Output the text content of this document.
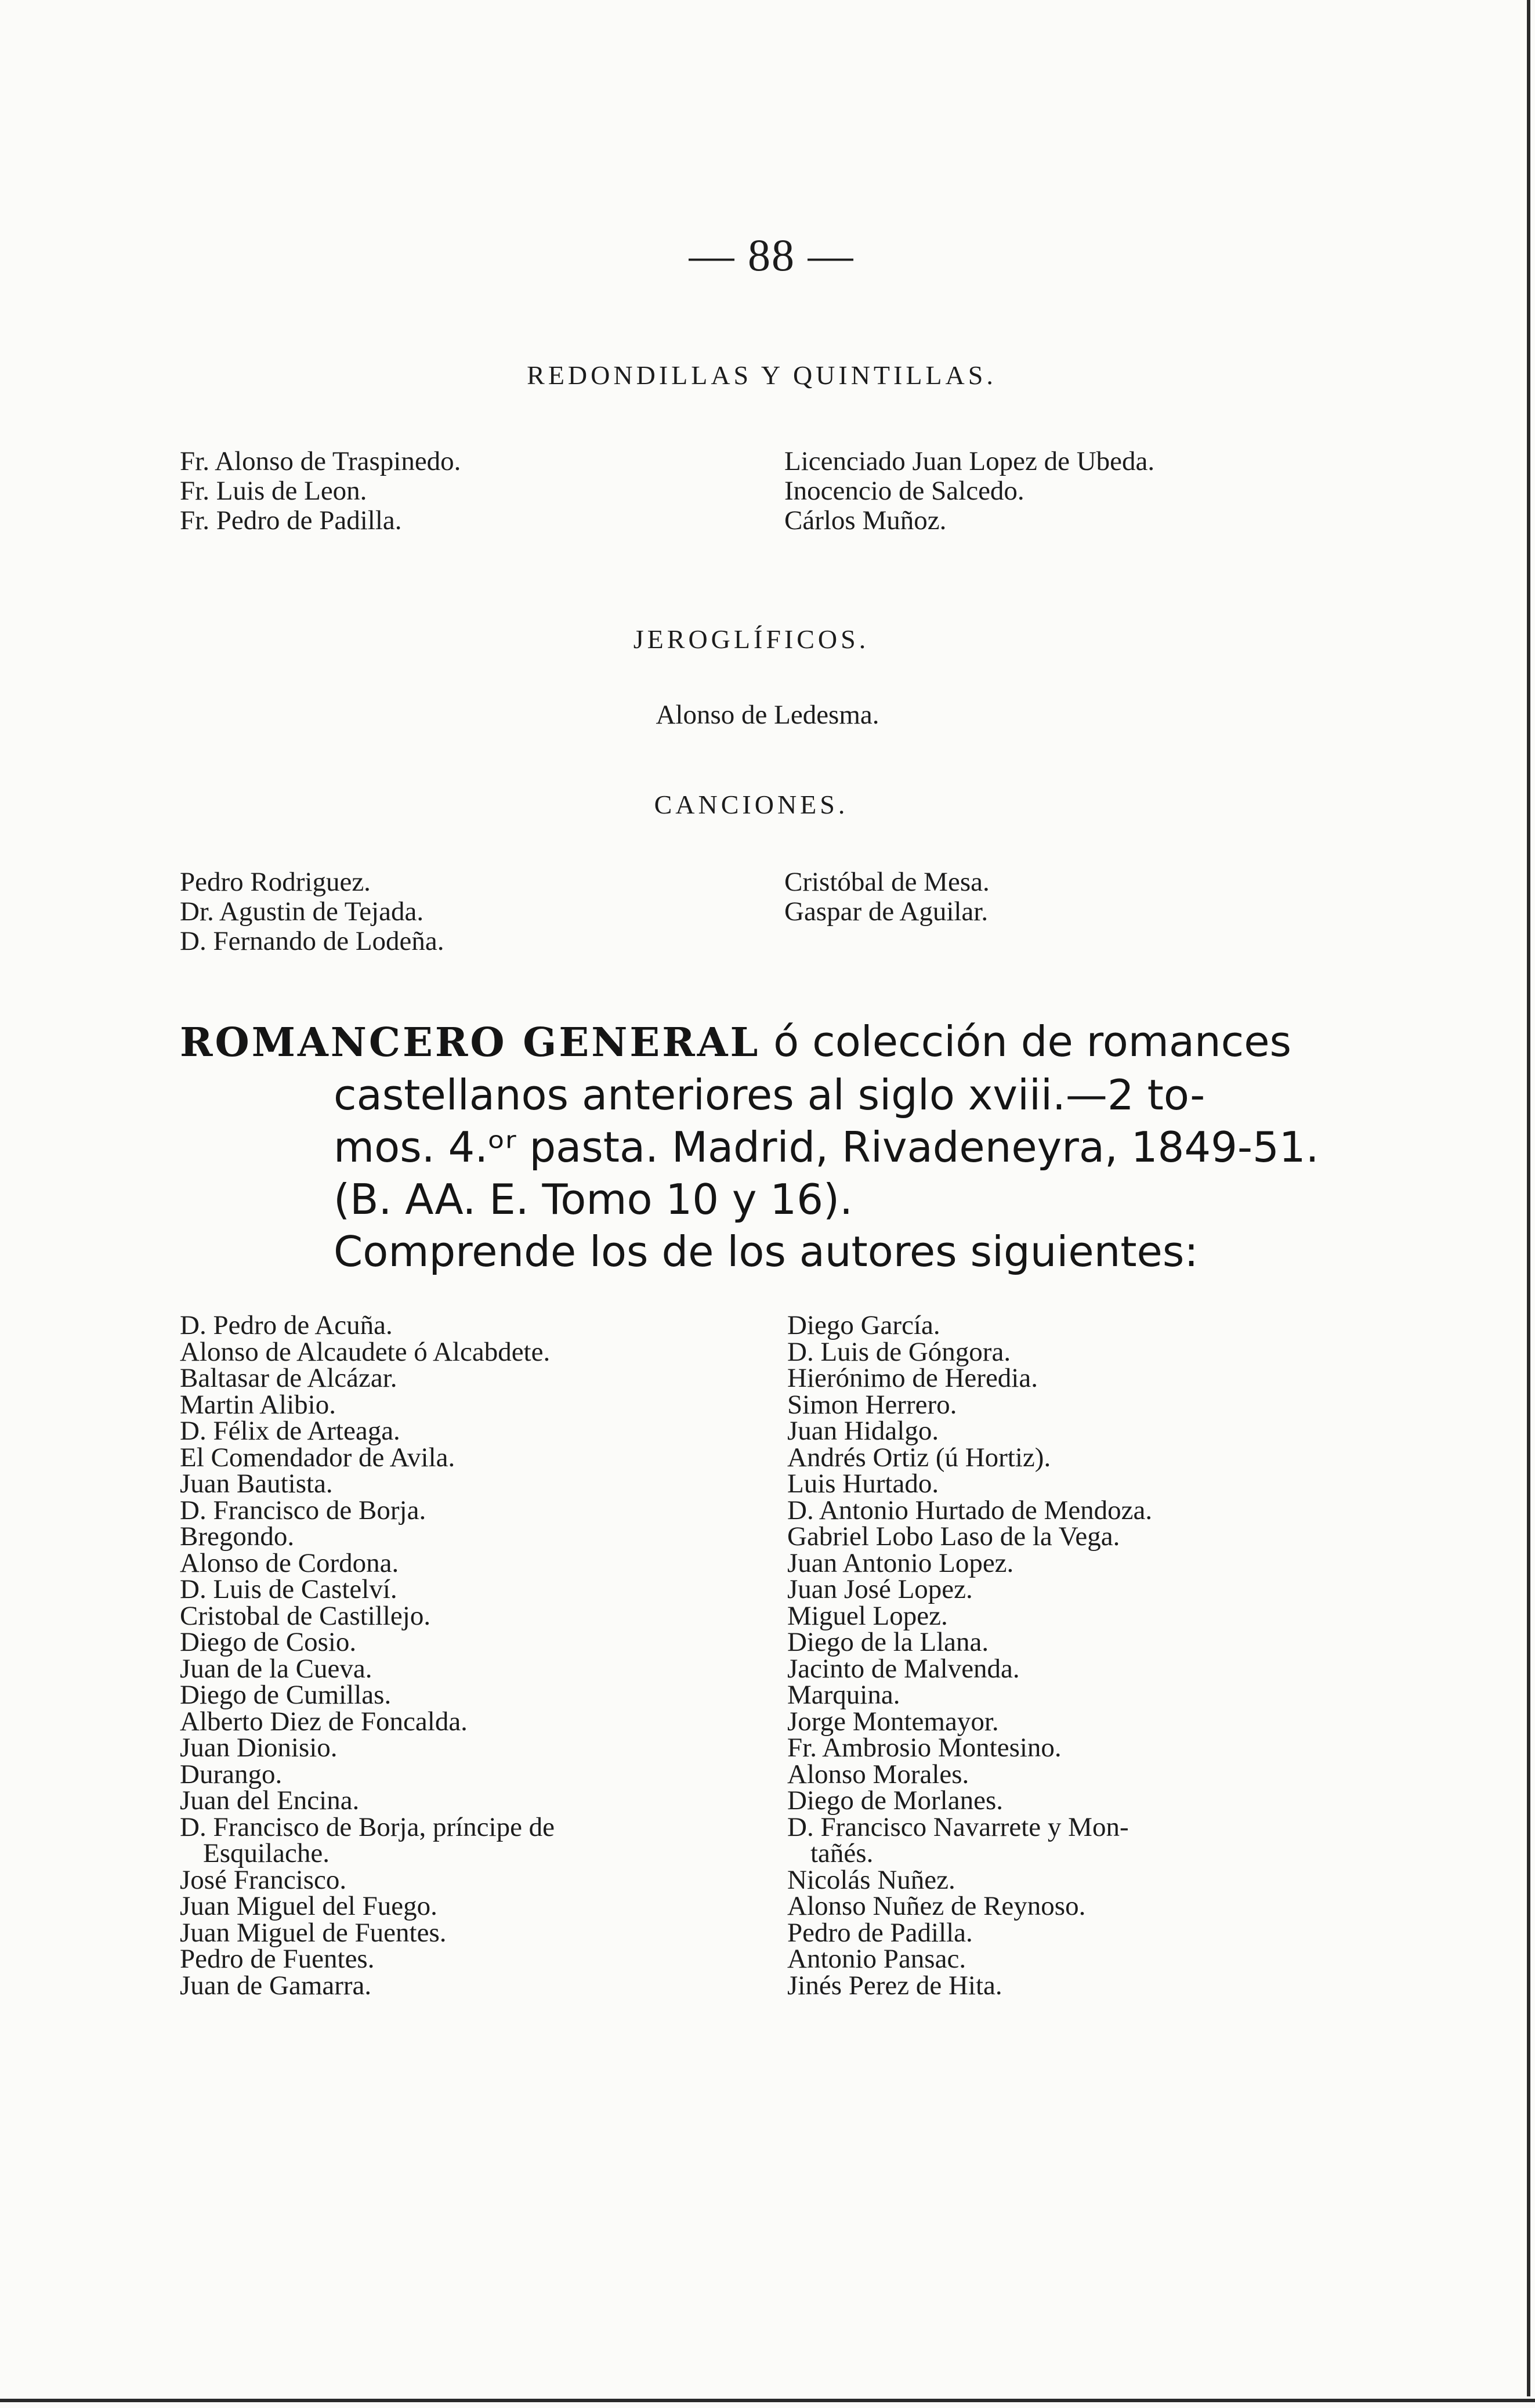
— 88 —
REDONDILLAS Y QUINTILLAS.
Fr. Alonso de Traspinedo.
Fr. Luis de Leon.
Fr. Pedro de Padilla.
Licenciado Juan Lopez de Ubeda.
Inocencio de Salcedo.
Cárlos Muñoz.
JEROGLÍFICOS.
Alonso de Ledesma.
CANCIONES.
Pedro Rodriguez.
Dr. Agustin de Tejada.
D. Fernando de Lodeña.
Cristóbal de Mesa.
Gaspar de Aguilar.
ROMANCERO GENERAL ó colección de romances
castellanos anteriores al siglo xviii.—2 to-
mos. 4.ᵒʳ pasta. Madrid, Rivadeneyra, 1849-51.
(B. AA. E. Tomo 10 y 16).
Comprende los de los autores siguientes:
D. Pedro de Acuña.
Alonso de Alcaudete ó Alcabdete.
Baltasar de Alcázar.
Martin Alibio.
D. Félix de Arteaga.
El Comendador de Avila.
Juan Bautista.
D. Francisco de Borja.
Bregondo.
Alonso de Cordona.
D. Luis de Castelví.
Cristobal de Castillejo.
Diego de Cosio.
Juan de la Cueva.
Diego de Cumillas.
Alberto Diez de Foncalda.
Juan Dionisio.
Durango.
Juan del Encina.
D. Francisco de Borja, príncipe de
Esquilache.
José Francisco.
Juan Miguel del Fuego.
Juan Miguel de Fuentes.
Pedro de Fuentes.
Juan de Gamarra.
Diego García.
D. Luis de Góngora.
Hierónimo de Heredia.
Simon Herrero.
Juan Hidalgo.
Andrés Ortiz (ú Hortiz).
Luis Hurtado.
D. Antonio Hurtado de Mendoza.
Gabriel Lobo Laso de la Vega.
Juan Antonio Lopez.
Juan José Lopez.
Miguel Lopez.
Diego de la Llana.
Jacinto de Malvenda.
Marquina.
Jorge Montemayor.
Fr. Ambrosio Montesino.
Alonso Morales.
Diego de Morlanes.
D. Francisco Navarrete y Mon-
tañés.
Nicolás Nuñez.
Alonso Nuñez de Reynoso.
Pedro de Padilla.
Antonio Pansac.
Jinés Perez de Hita.
